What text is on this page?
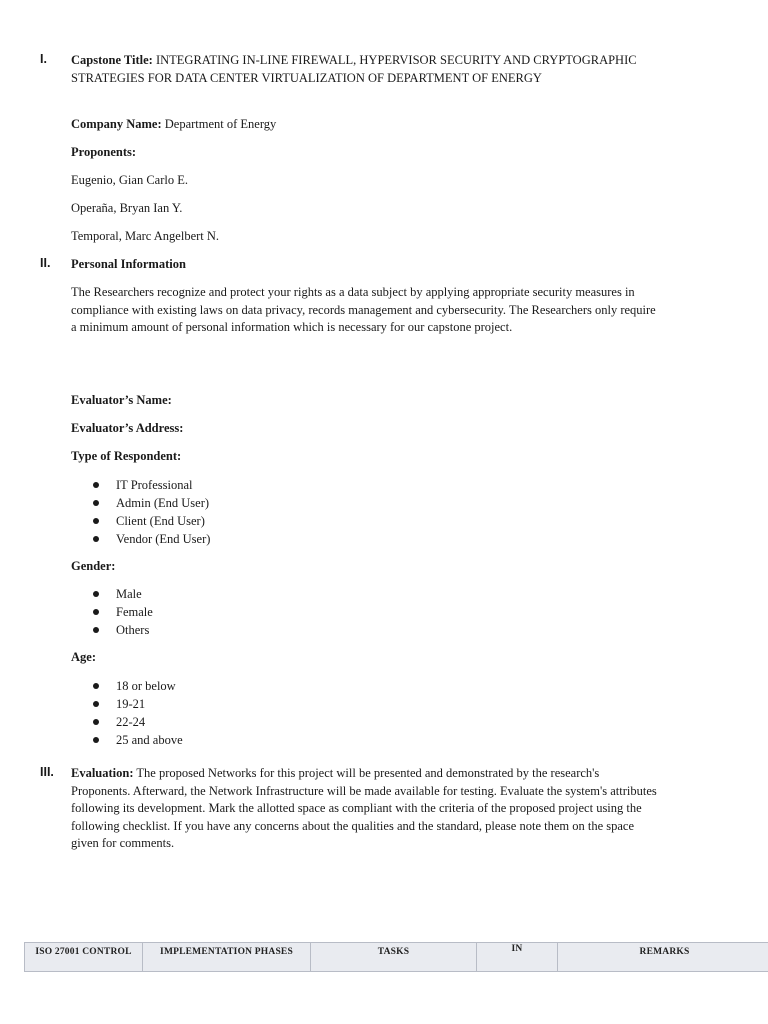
I.	Capstone Title: INTEGRATING IN-LINE FIREWALL, HYPERVISOR SECURITY AND CRYPTOGRAPHIC STRATEGIES FOR DATA CENTER VIRTUALIZATION OF DEPARTMENT OF ENERGY
Company Name: Department of Energy
Proponents:
Eugenio, Gian Carlo E.
Operaña, Bryan Ian Y.
Temporal, Marc Angelbert N.
II.	Personal Information
The Researchers recognize and protect your rights as a data subject by applying appropriate security measures in compliance with existing laws on data privacy, records management and cybersecurity. The Researchers only require a minimum amount of personal information which is necessary for our capstone project.
Evaluator’s Name:
Evaluator’s Address:
Type of Respondent:
IT Professional
Admin (End User)
Client (End User)
Vendor (End User)
Gender:
Male
Female
Others
Age:
18 or below
19-21
22-24
25 and above
III.	Evaluation: The proposed Networks for this project will be presented and demonstrated by the research's Proponents. Afterward, the Network Infrastructure will be made available for testing. Evaluate the system's attributes following its development. Mark the allotted space as compliant with the criteria of the proposed project using the following checklist. If you have any concerns about the qualities and the standard, please note them on the space given for comments.
ISO 27001 CONTROL	IMPLEMENTATION PHASES	TASKS	IN	REMARKS
